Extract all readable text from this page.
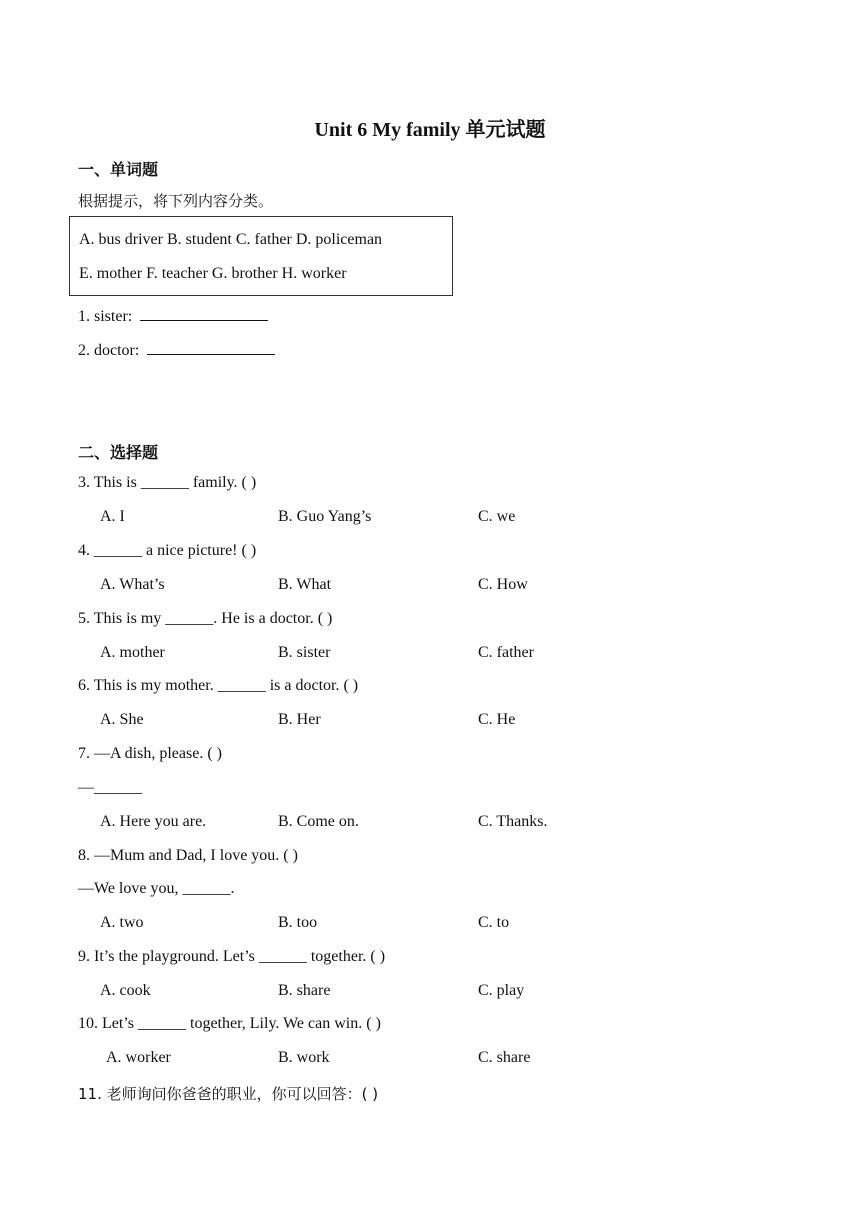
Unit 6 My family 单元试题
一、单词题
根据提示，将下列内容分类。
A. bus driver B. student C. father D. policeman
E. mother F. teacher G. brother H. worker
1. sister:
2. doctor:
二、选择题
3. This is ______ family. ( )
A. I	B. Guo Yang’s	C. we
4. ______ a nice picture! ( )
A. What’s	B. What	C. How
5. This is my ______. He is a doctor. ( )
A. mother	B. sister	C. father
6. This is my mother. ______ is a doctor. ( )
A. She	B. Her	C. He
7. —A dish, please. ( )
—______
A. Here you are.	B. Come on.	C. Thanks.
8. —Mum and Dad, I love you. ( )
—We love you, ______.
A. two	B. too	C. to
9. It’s the playground. Let’s ______ together. ( )
A. cook	B. share	C. play
10. Let’s ______ together, Lily. We can win. ( )
A. worker	B. work	C. share
11. 老师询问你爸爸的职业，你可以回答：( )
